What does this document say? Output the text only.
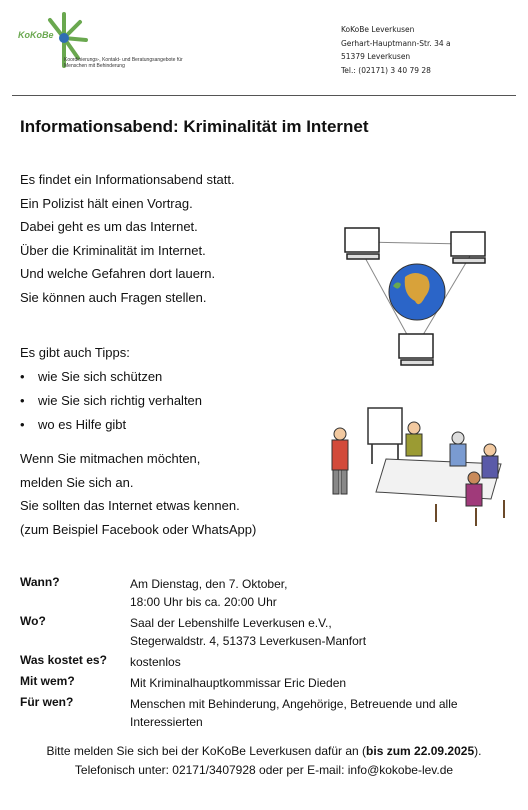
KoKoBe
Koordinierungs-, Kontakt- und Beratungsangebote für Menschen mit Behinderung
KoKoBe Leverkusen
Gerhart-Hauptmann-Str. 34 a
51379 Leverkusen
Tel.: (02171) 3 40 79 28
Informationsabend: Kriminalität im Internet
Es findet ein Informationsabend statt.
Ein Polizist hält einen Vortrag.
Dabei geht es um das Internet.
Über die Kriminalität im Internet.
Und welche Gefahren dort lauern.
Sie können auch Fragen stellen.
Es gibt auch Tipps:
• wie Sie sich schützen
• wie Sie sich richtig verhalten
• wo es Hilfe gibt
Wenn Sie mitmachen möchten,
melden Sie sich an.
Sie sollten das Internet etwas kennen.
(zum Beispiel Facebook oder WhatsApp)
Wann?	Am Dienstag, den 7. Oktober,
18:00 Uhr bis ca. 20:00 Uhr
Wo?	Saal der Lebenshilfe Leverkusen e.V.,
Stegerwaldstr. 4, 51373 Leverkusen-Manfort
Was kostet es?	kostenlos
Mit wem?	Mit Kriminalhauptkommissar Eric Dieden
Für wen?	Menschen mit Behinderung, Angehörige, Betreuende und alle
Interessierten
Bitte melden Sie sich bei der KoKoBe Leverkusen dafür an (bis zum 22.09.2025).
Telefonisch unter: 02171/3407928 oder per E-mail: info@kokobe-lev.de
